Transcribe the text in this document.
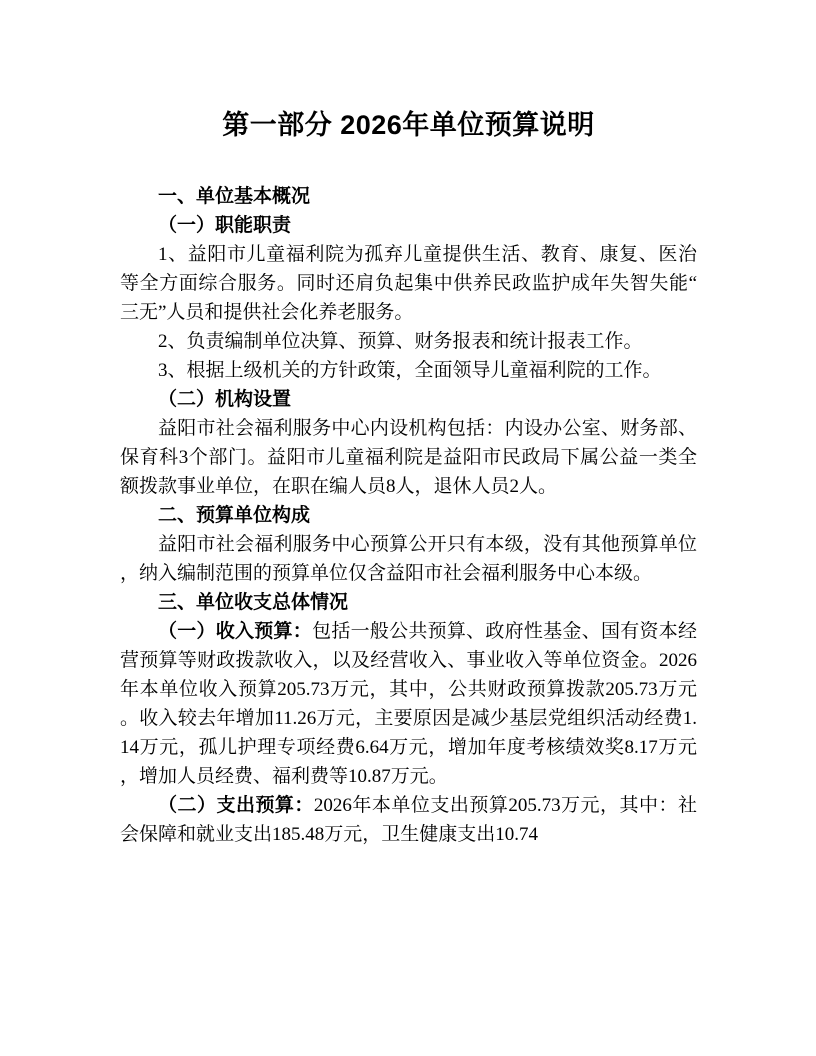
第一部分 2026年单位预算说明

一、单位基本概况

（一）职能职责

1、益阳市儿童福利院为孤弃儿童提供生活、教育、康复、医治等全方面综合服务。同时还肩负起集中供养民政监护成年失智失能“三无”人员和提供社会化养老服务。

2、负责编制单位决算、预算、财务报表和统计报表工作。

3、根据上级机关的方针政策，全面领导儿童福利院的工作。

（二）机构设置

益阳市社会福利服务中心内设机构包括：内设办公室、财务部、保育科3个部门。益阳市儿童福利院是益阳市民政局下属公益一类全额拨款事业单位，在职在编人员8人，退休人员2人。

二、预算单位构成

益阳市社会福利服务中心预算公开只有本级，没有其他预算单位，纳入编制范围的预算单位仅含益阳市社会福利服务中心本级。

三、单位收支总体情况

（一）收入预算：包括一般公共预算、政府性基金、国有资本经营预算等财政拨款收入，以及经营收入、事业收入等单位资金。2026年本单位收入预算205.73万元，其中，公共财政预算拨款205.73万元。收入较去年增加11.26万元，主要原因是减少基层党组织活动经费1.14万元，孤儿护理专项经费6.64万元，增加年度考核绩效奖8.17万元，增加人员经费、福利费等10.87万元。

（二）支出预算：2026年本单位支出预算205.73万元，其中：社会保障和就业支出185.48万元，卫生健康支出10.74
